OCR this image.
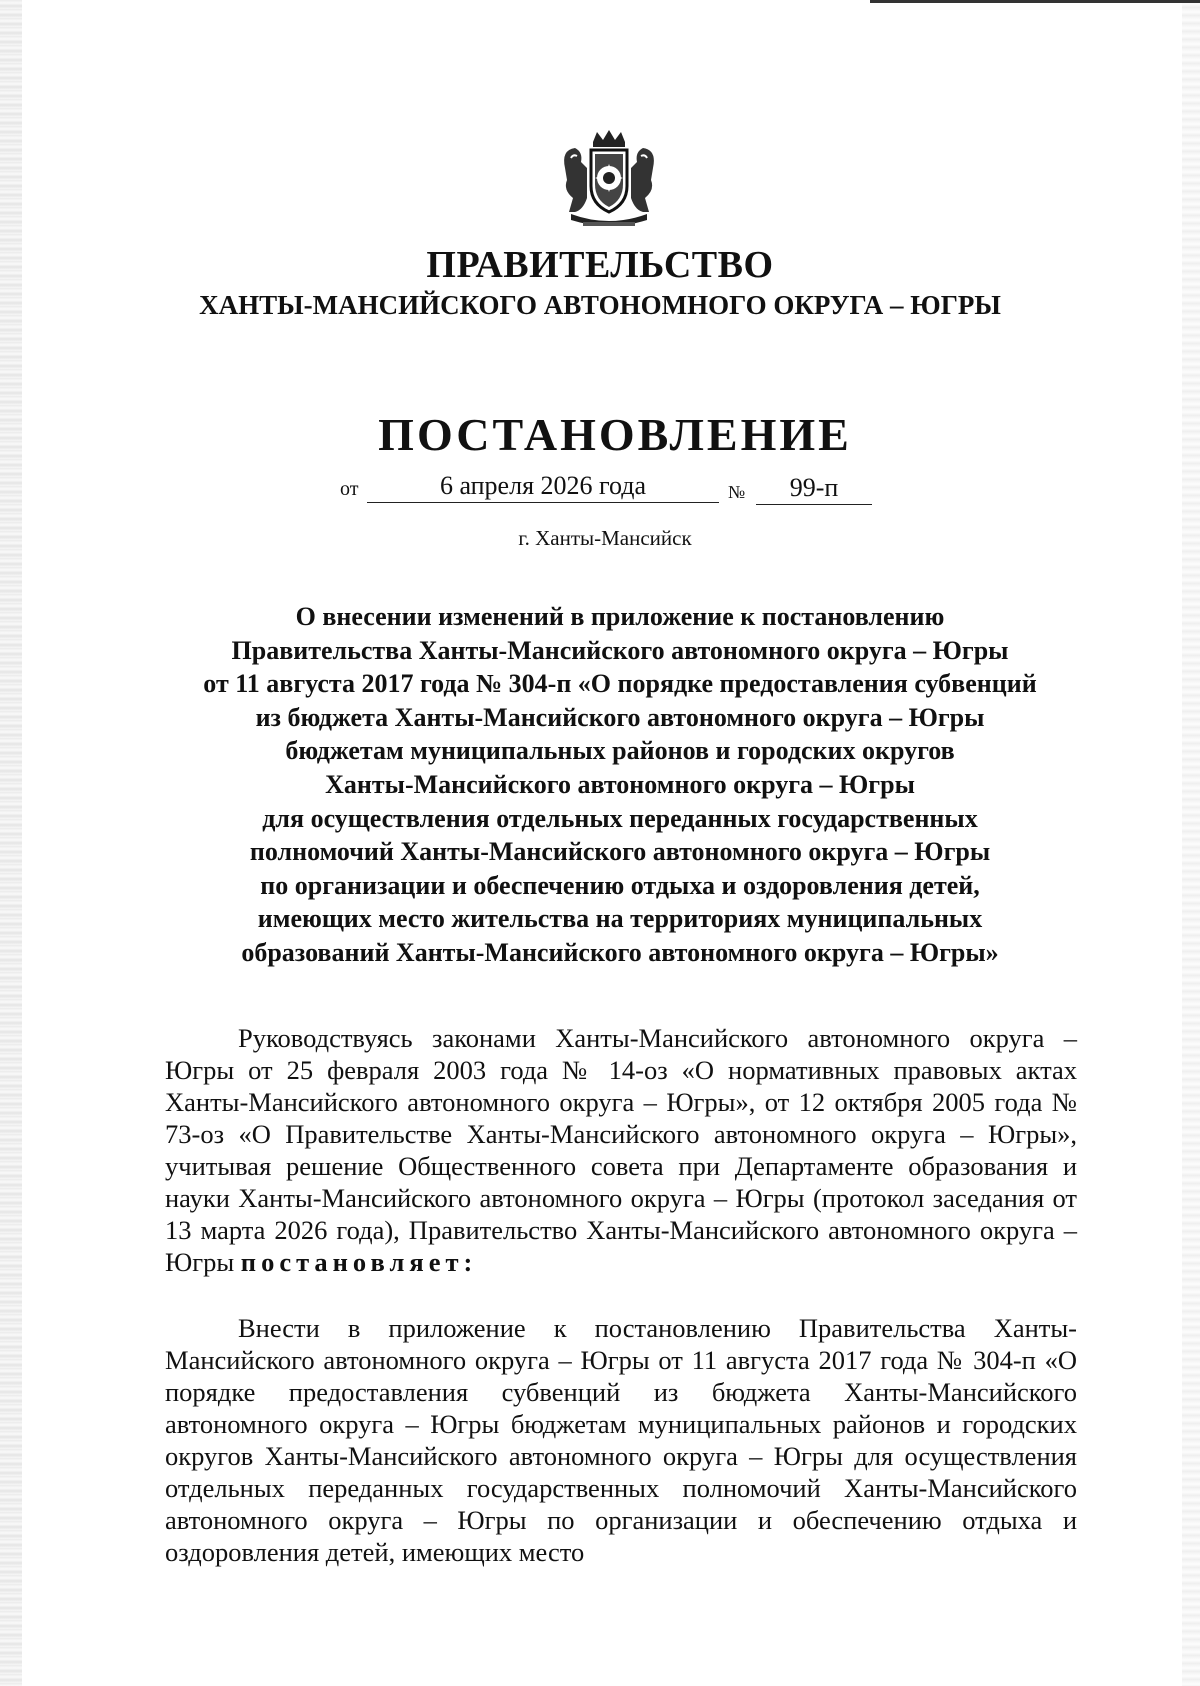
ПРАВИТЕЛЬСТВО
ХАНТЫ-МАНСИЙСКОГО АВТОНОМНОГО ОКРУГА – ЮГРЫ
ПОСТАНОВЛЕНИЕ
от	6 апреля 2026 года	№	99-п
г. Ханты-Мансийск
О внесении изменений в приложение к постановлению
Правительства Ханты-Мансийского автономного округа – Югры
от 11 августа 2017 года № 304-п «О порядке предоставления субвенций
из бюджета Ханты-Мансийского автономного округа – Югры
бюджетам муниципальных районов и городских округов
Ханты-Мансийского автономного округа – Югры
для осуществления отдельных переданных государственных
полномочий Ханты-Мансийского автономного округа – Югры
по организации и обеспечению отдыха и оздоровления детей,
имеющих место жительства на территориях муниципальных
образований Ханты-Мансийского автономного округа – Югры»

Руководствуясь законами Ханты-Мансийского автономного округа – Югры от 25 февраля 2003 года № 14-оз «О нормативных правовых актах Ханты-Мансийского автономного округа – Югры», от 12 октября 2005 года № 73-оз «О Правительстве Ханты-Мансийского автономного округа – Югры», учитывая решение Общественного совета при Департаменте образования и науки Ханты-Мансийского автономного округа – Югры (протокол заседания от 13 марта 2026 года), Правительство Ханты-Мансийского автономного округа – Югры постановляет:

Внести в приложение к постановлению Правительства Ханты-Мансийского автономного округа – Югры от 11 августа 2017 года № 304-п «О порядке предоставления субвенций из бюджета Ханты-Мансийского автономного округа – Югры бюджетам муниципальных районов и городских округов Ханты-Мансийского автономного округа – Югры для осуществления отдельных переданных государственных полномочий Ханты-Мансийского автономного округа – Югры по организации и обеспечению отдыха и оздоровления детей, имеющих место
